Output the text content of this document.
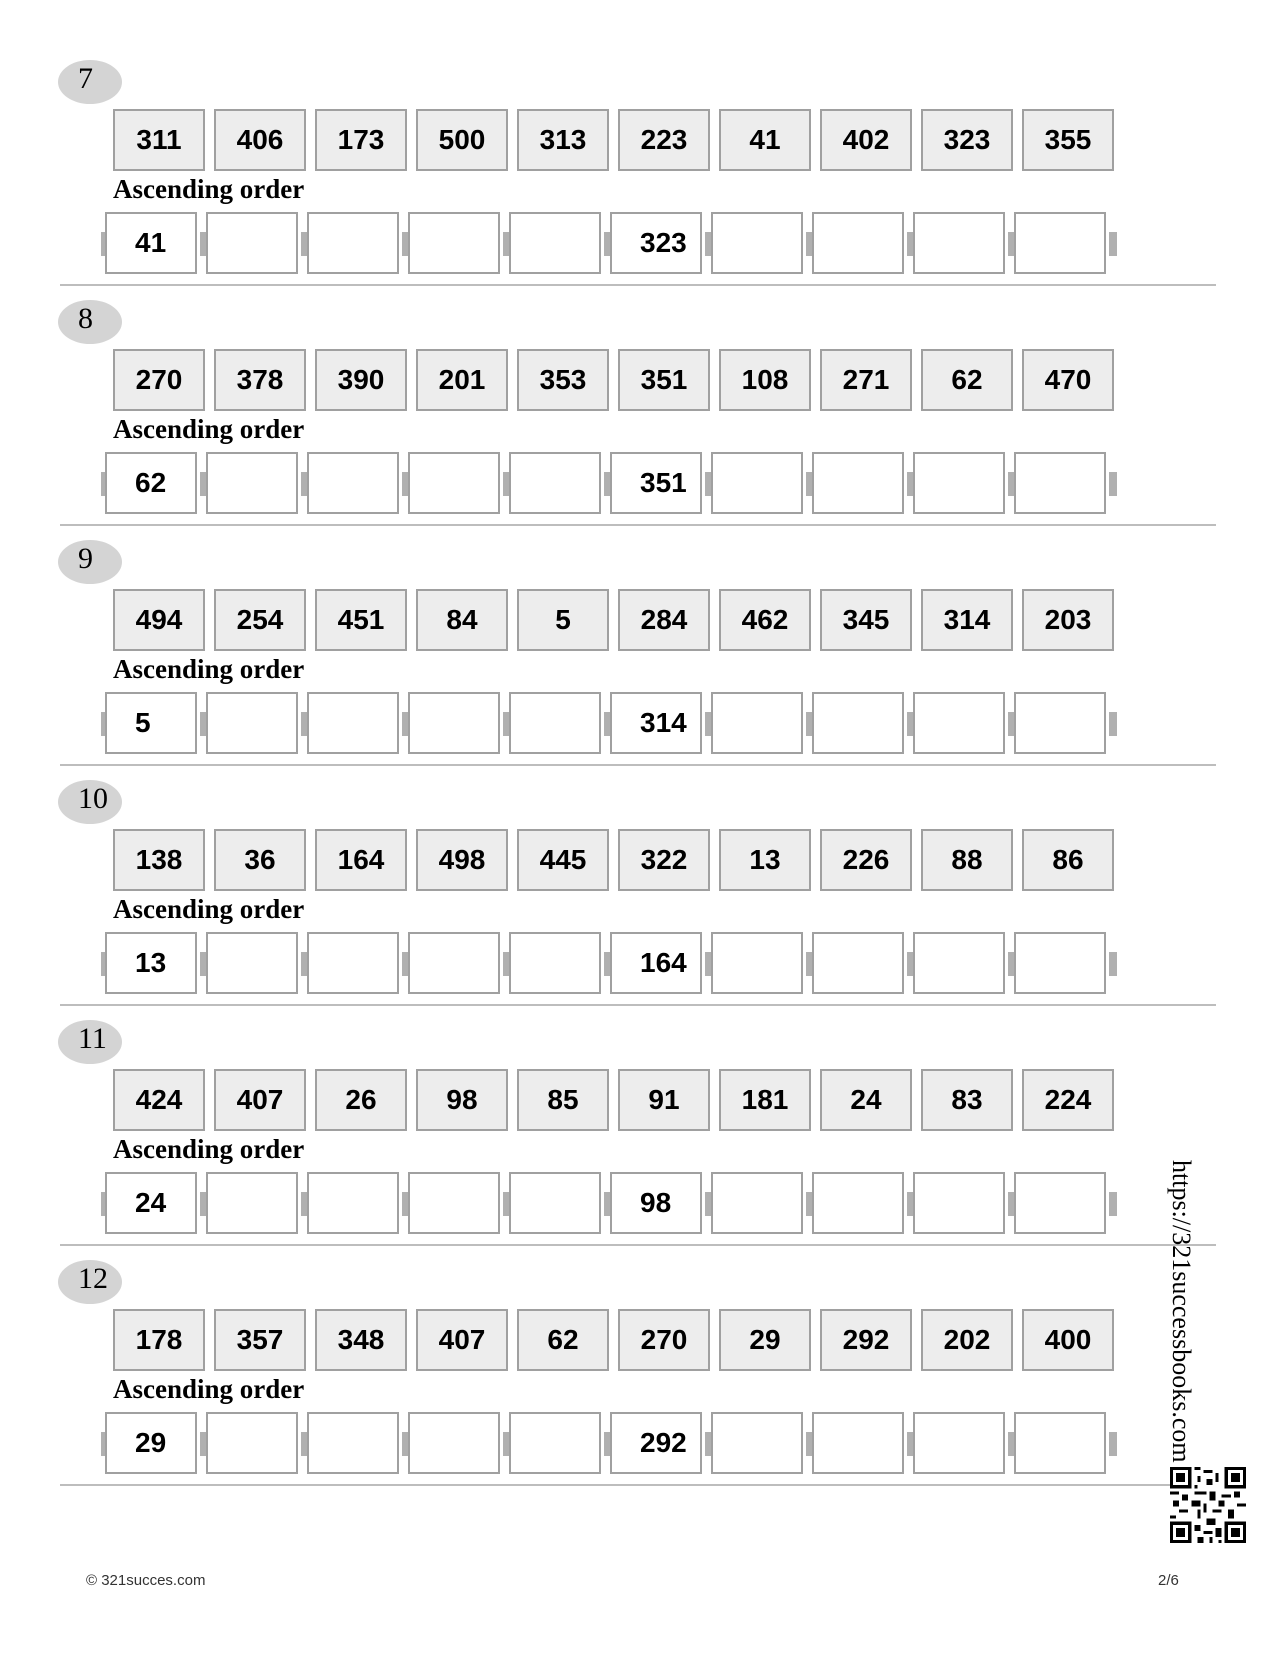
7
311	406	173	500	313	223	41	402	323	355
Ascending order
41	323
8
270	378	390	201	353	351	108	271	62	470
Ascending order
62	351
9
494	254	451	84	5	284	462	345	314	203
Ascending order
5	314
10
138	36	164	498	445	322	13	226	88	86
Ascending order
13	164
11
424	407	26	98	85	91	181	24	83	224
Ascending order
24	98
12
178	357	348	407	62	270	29	292	202	400
Ascending order
29	292
© 321succes.com	2/6
https://321successbooks.com
